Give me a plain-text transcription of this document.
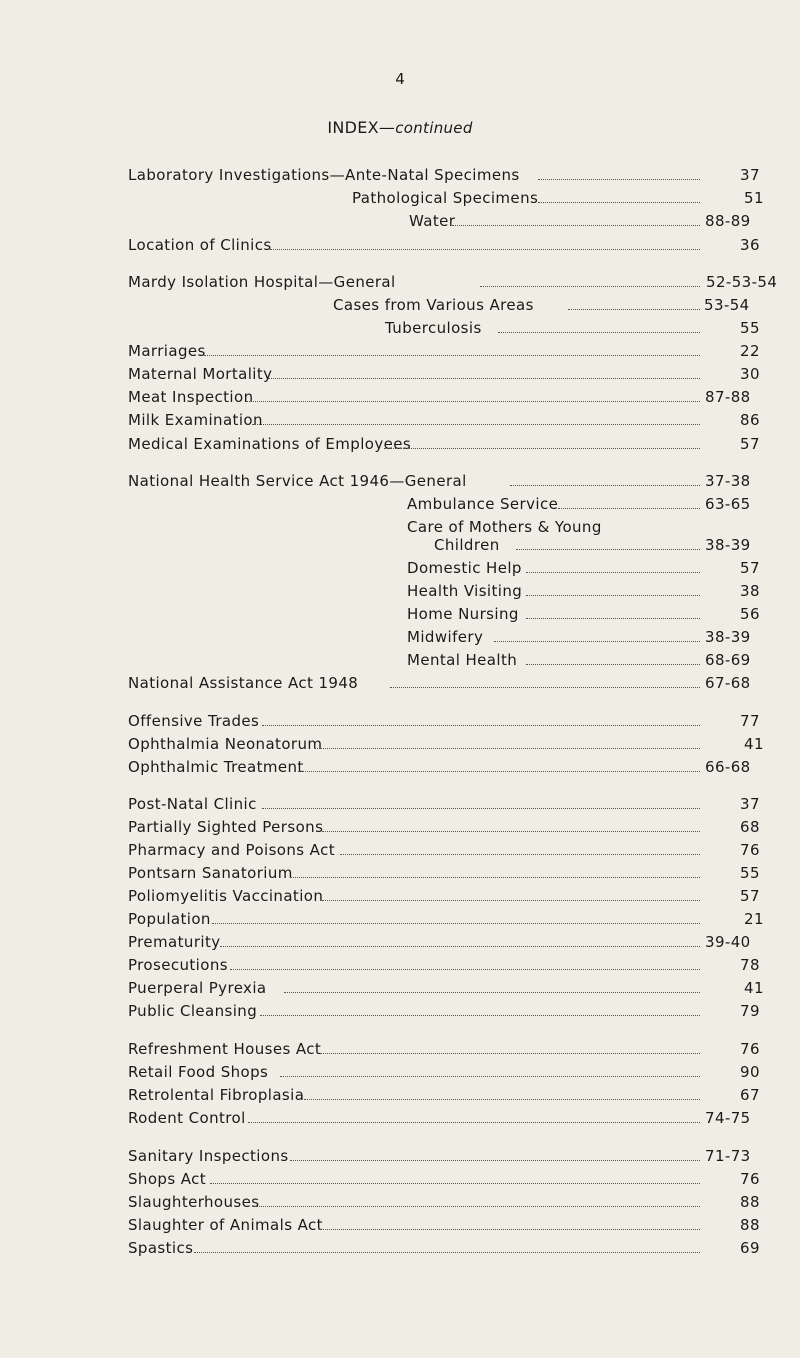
4
INDEX—continued
Laboratory Investigations—Ante-Natal Specimens	37
Pathological Specimens	51
Water	88-89
Location of Clinics	36
Mardy Isolation Hospital—General	52-53-54
Cases from Various Areas	53-54
Tuberculosis	55
Marriages	22
Maternal Mortality	30
Meat Inspection	87-88
Milk Examination	86
Medical Examinations of Employees	57
National Health Service Act 1946—General	37-38
Ambulance Service	63-65
Care of Mothers & Young
Children	38-39
Domestic Help	57
Health Visiting	38
Home Nursing	56
Midwifery	38-39
Mental Health	68-69
National Assistance Act 1948	67-68
Offensive Trades	77
Ophthalmia Neonatorum	41
Ophthalmic Treatment	66-68
Post-Natal Clinic	37
Partially Sighted Persons	68
Pharmacy and Poisons Act	76
Pontsarn Sanatorium	55
Poliomyelitis Vaccination	57
Population	21
Prematurity	39-40
Prosecutions	78
Puerperal Pyrexia	41
Public Cleansing	79
Refreshment Houses Act	76
Retail Food Shops	90
Retrolental Fibroplasia	67
Rodent Control	74-75
Sanitary Inspections	71-73
Shops Act	76
Slaughterhouses	88
Slaughter of Animals Act	88
Spastics	69
